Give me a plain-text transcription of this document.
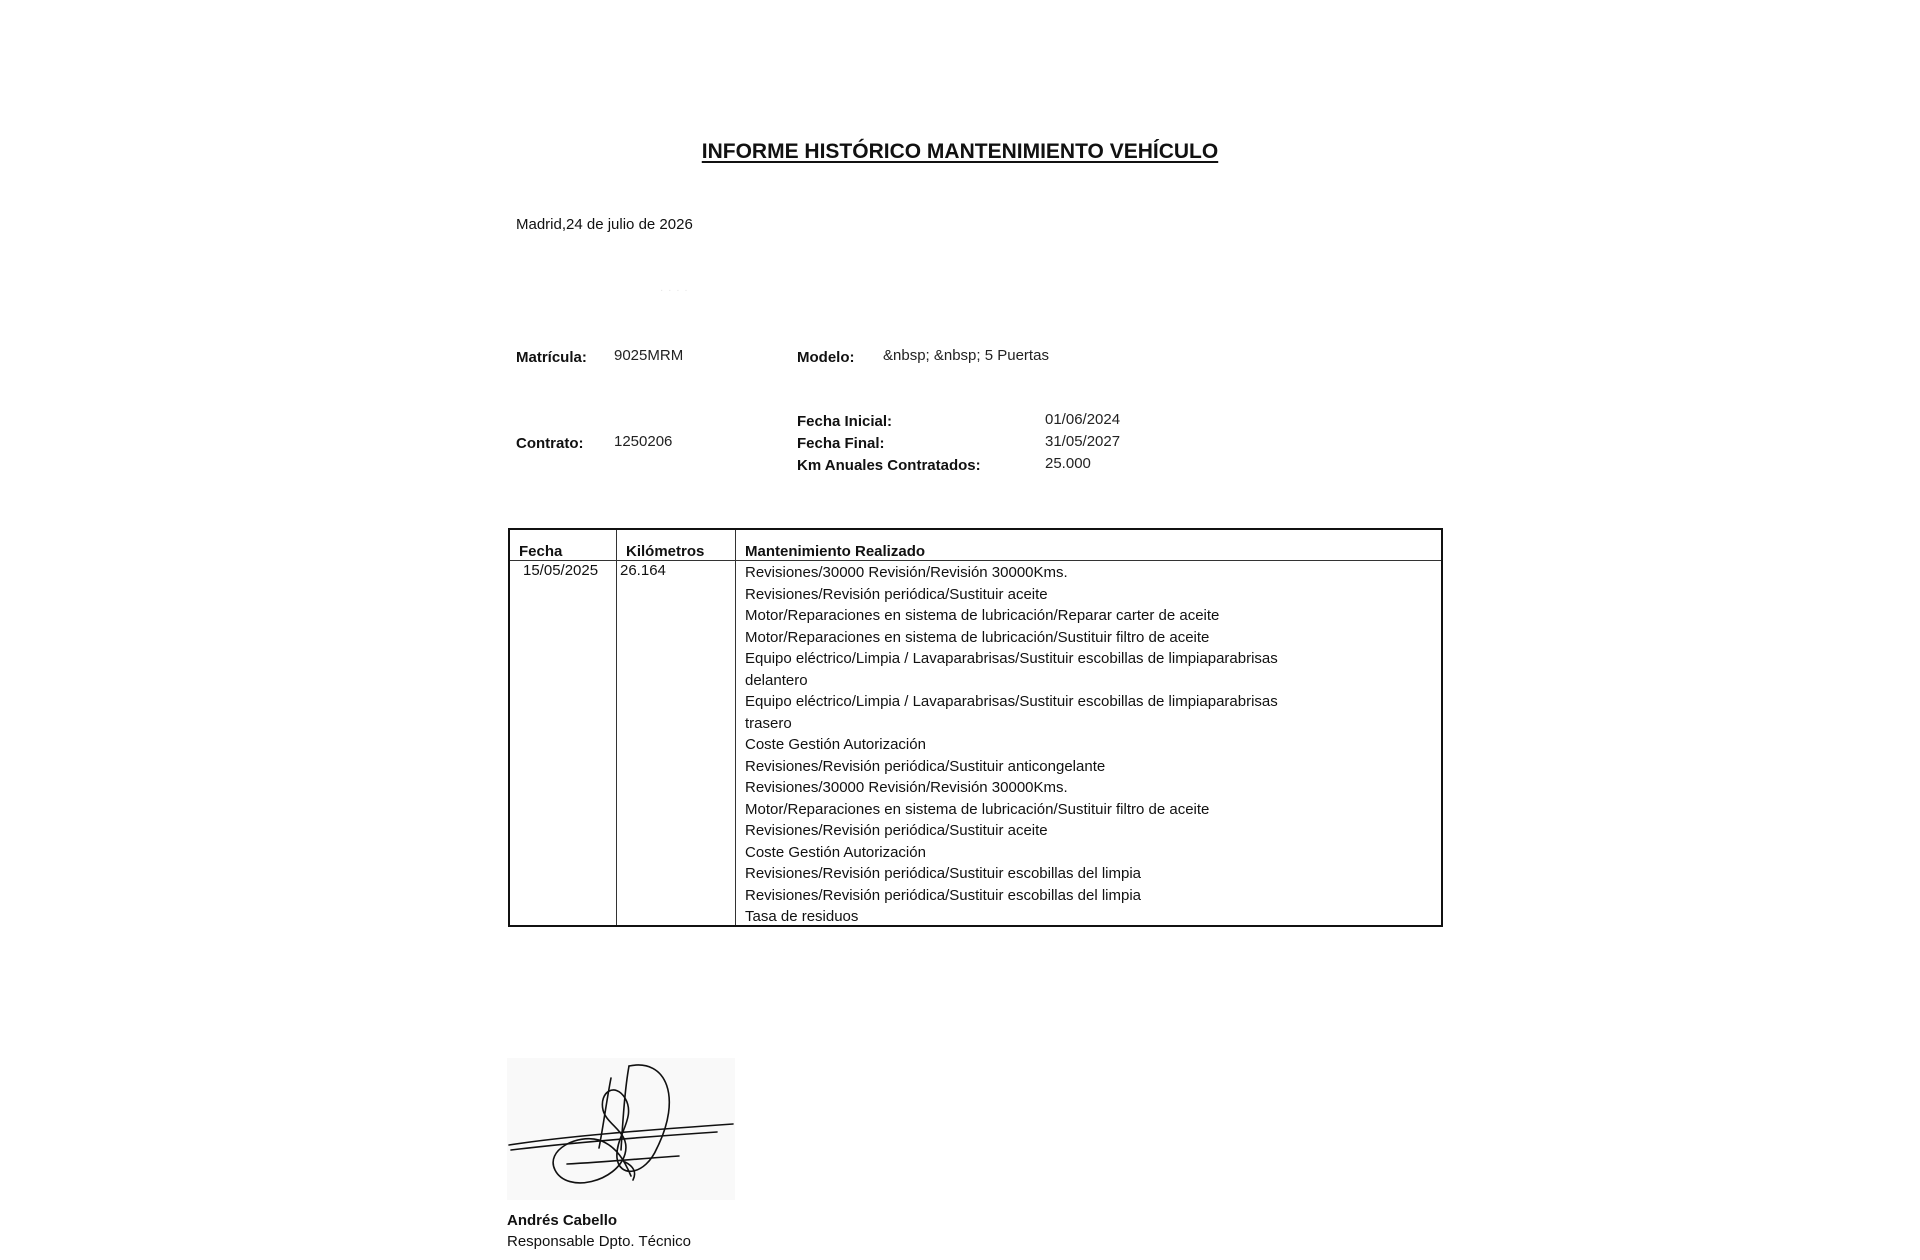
INFORME HISTÓRICO MANTENIMIENTO VEHÍCULO
Madrid,24 de julio de 2026
· · · ·
Matrícula: 9025MRM	Modelo: &nbsp; &nbsp; 5 Puertas
Contrato: 1250206
Fecha Inicial:	01/06/2024
Fecha Final:	31/05/2027
Km Anuales Contratados:	25.000
Fecha	Kilómetros	Mantenimiento Realizado
15/05/2025 26.164	Revisiones/30000 Revisión/Revisión 30000Kms.
Revisiones/Revisión periódica/Sustituir aceite
Motor/Reparaciones en sistema de lubricación/Reparar carter de aceite
Motor/Reparaciones en sistema de lubricación/Sustituir filtro de aceite
Equipo eléctrico/Limpia / Lavaparabrisas/Sustituir escobillas de limpiaparabrisas
delantero
Equipo eléctrico/Limpia / Lavaparabrisas/Sustituir escobillas de limpiaparabrisas
trasero
Coste Gestión Autorización
Revisiones/Revisión periódica/Sustituir anticongelante
Revisiones/30000 Revisión/Revisión 30000Kms.
Motor/Reparaciones en sistema de lubricación/Sustituir filtro de aceite
Revisiones/Revisión periódica/Sustituir aceite
Coste Gestión Autorización
Revisiones/Revisión periódica/Sustituir escobillas del limpia
Revisiones/Revisión periódica/Sustituir escobillas del limpia
Tasa de residuos
Andrés Cabello
Responsable Dpto. Técnico
